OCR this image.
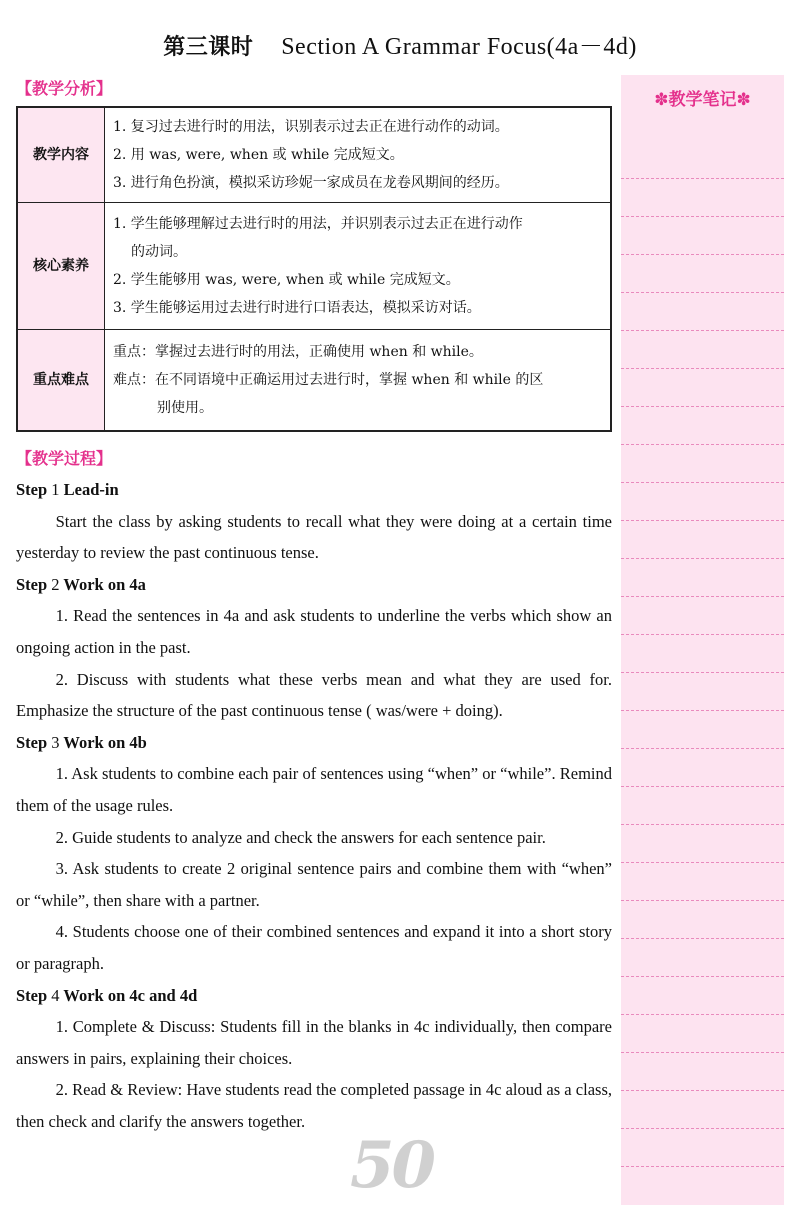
第三课时 Section A Grammar Focus(4a－4d)
【教学分析】
教学内容	1. 复习过去进行时的用法，识别表示过去正在进行动作的动词。
2. 用 was, were, when 或 while 完成短文。
3. 进行角色扮演，模拟采访珍妮一家成员在龙卷风期间的经历。

核心素养	1. 学生能够理解过去进行时的用法，并识别表示过去正在进行动作
的动词。
2. 学生能够用 was, were, when 或 while 完成短文。
3. 学生能够运用过去进行时进行口语表达，模拟采访对话。

重点难点	重点：掌握过去进行时的用法，正确使用 when 和 while。
难点：在不同语境中正确运用过去进行时，掌握 when 和 while 的区
别使用。
【教学过程】

Step 1 Lead-in

Start the class by asking students to recall what they were doing at a certain time yesterday to review the past continuous tense.

Step 2 Work on 4a

1. Read the sentences in 4a and ask students to underline the verbs which show an ongoing action in the past.

2. Discuss with students what these verbs mean and what they are used for. Emphasize the structure of the past continuous tense ( was/were + doing).

Step 3 Work on 4b

1. Ask students to combine each pair of sentences using “when” or “while”. Remind them of the usage rules.

2. Guide students to analyze and check the answers for each sentence pair.

3. Ask students to create 2 original sentence pairs and combine them with “when” or “while”, then share with a partner.

4. Students choose one of their combined sentences and expand it into a short story or paragraph.

Step 4 Work on 4c and 4d

1. Complete & Discuss: Students fill in the blanks in 4c individually, then compare answers in pairs, explaining their choices.

2. Read & Review: Have students read the completed passage in 4c aloud as a class, then check and clarify the answers together.

✽教学笔记✽
50
